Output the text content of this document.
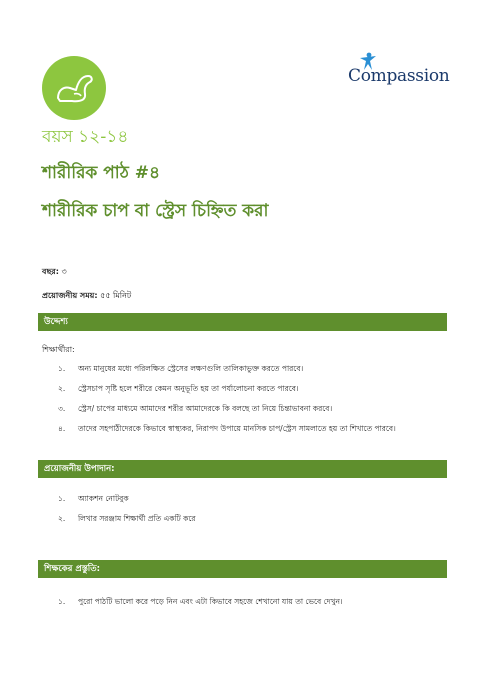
Compassion
বয়স ১২-১৪
শারীরিক পাঠ #৪
শারীরিক চাপ বা স্ট্রেস চিহ্নিত করা
বছর: ৩
প্রয়োজনীয় সময়: ৫৫ মিনিট
উদ্দেশ্য
শিক্ষার্থীরা:
১.	অন্য মানুষের মধ্যে পরিলক্ষিত স্ট্রেসের লক্ষণগুলি তালিকাভুক্ত করতে পারবে।
২.	স্ট্রেসচাপ সৃষ্টি হলে শরীরে কেমন অনুভূতি হয় তা পর্যালোচনা করতে পারবে।
৩.	স্ট্রেস/ চাপের মাধ্যমে আমাদের শরীর আমাদেরকে কি বলছে তা নিয়ে চিন্তাভাবনা করবে।
৪.	তাদের সহপাঠীদেরকে কিভাবে স্বাস্থ্যকর, নিরাপদ উপায়ে মানসিক চাপ/স্ট্রেস সামলাতে হয় তা শিখাতে পারবে।
প্রয়োজনীয় উপাদান:
১.	অ্যাকশন নোটবুক
২.	লিখার সরঞ্জাম শিক্ষার্থী প্রতি একটি করে
শিক্ষকের প্রস্তুতি:
১.	পুরো পাঠটি ভালো করে পড়ে নিন এবং এটা কিভাবে সহজে শেখানো যায় তা ভেবে দেখুন।
